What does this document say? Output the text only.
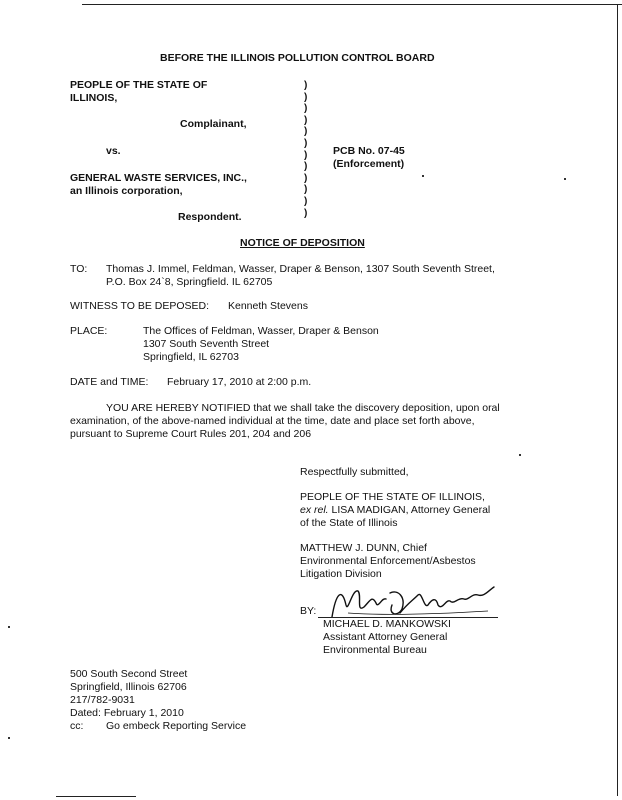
BEFORE THE ILLINOIS POLLUTION CONTROL BOARD
PEOPLE OF THE STATE OF
ILLINOIS,
Complainant,
vs.
GENERAL WASTE SERVICES, INC.,
an Illinois corporation,
Respondent.
)
)
)
)
)
)
)
)
)
)
)
)
PCB No. 07-45
(Enforcement)
NOTICE OF DEPOSITION
TO: Thomas J. Immel, Feldman, Wasser, Draper & Benson, 1307 South Seventh Street,
P.O. Box 24`8, Springfield. IL 62705
WITNESS TO BE DEPOSED: Kenneth Stevens
PLACE:	The Offices of Feldman, Wasser, Draper & Benson
1307 South Seventh Street
Springfield, IL 62703
DATE and TIME: February 17, 2010 at 2:00 p.m.
YOU ARE HEREBY NOTIFIED that we shall take the discovery deposition, upon oral
examination, of the above-named individual at the time, date and place set forth above,
pursuant to Supreme Court Rules 201, 204 and 206
Respectfully submitted,
PEOPLE OF THE STATE OF ILLINOIS,
ex rel. LISA MADIGAN, Attorney General
of the State of Illinois
MATTHEW J. DUNN, Chief
Environmental Enforcement/Asbestos
Litigation Division
BY:
MICHAEL D. MANKOWSKI
Assistant Attorney General
Environmental Bureau
500 South Second Street
Springfield, Illinois 62706
217/782-9031
Dated: February 1, 2010
cc: Go embeck Reporting Service
